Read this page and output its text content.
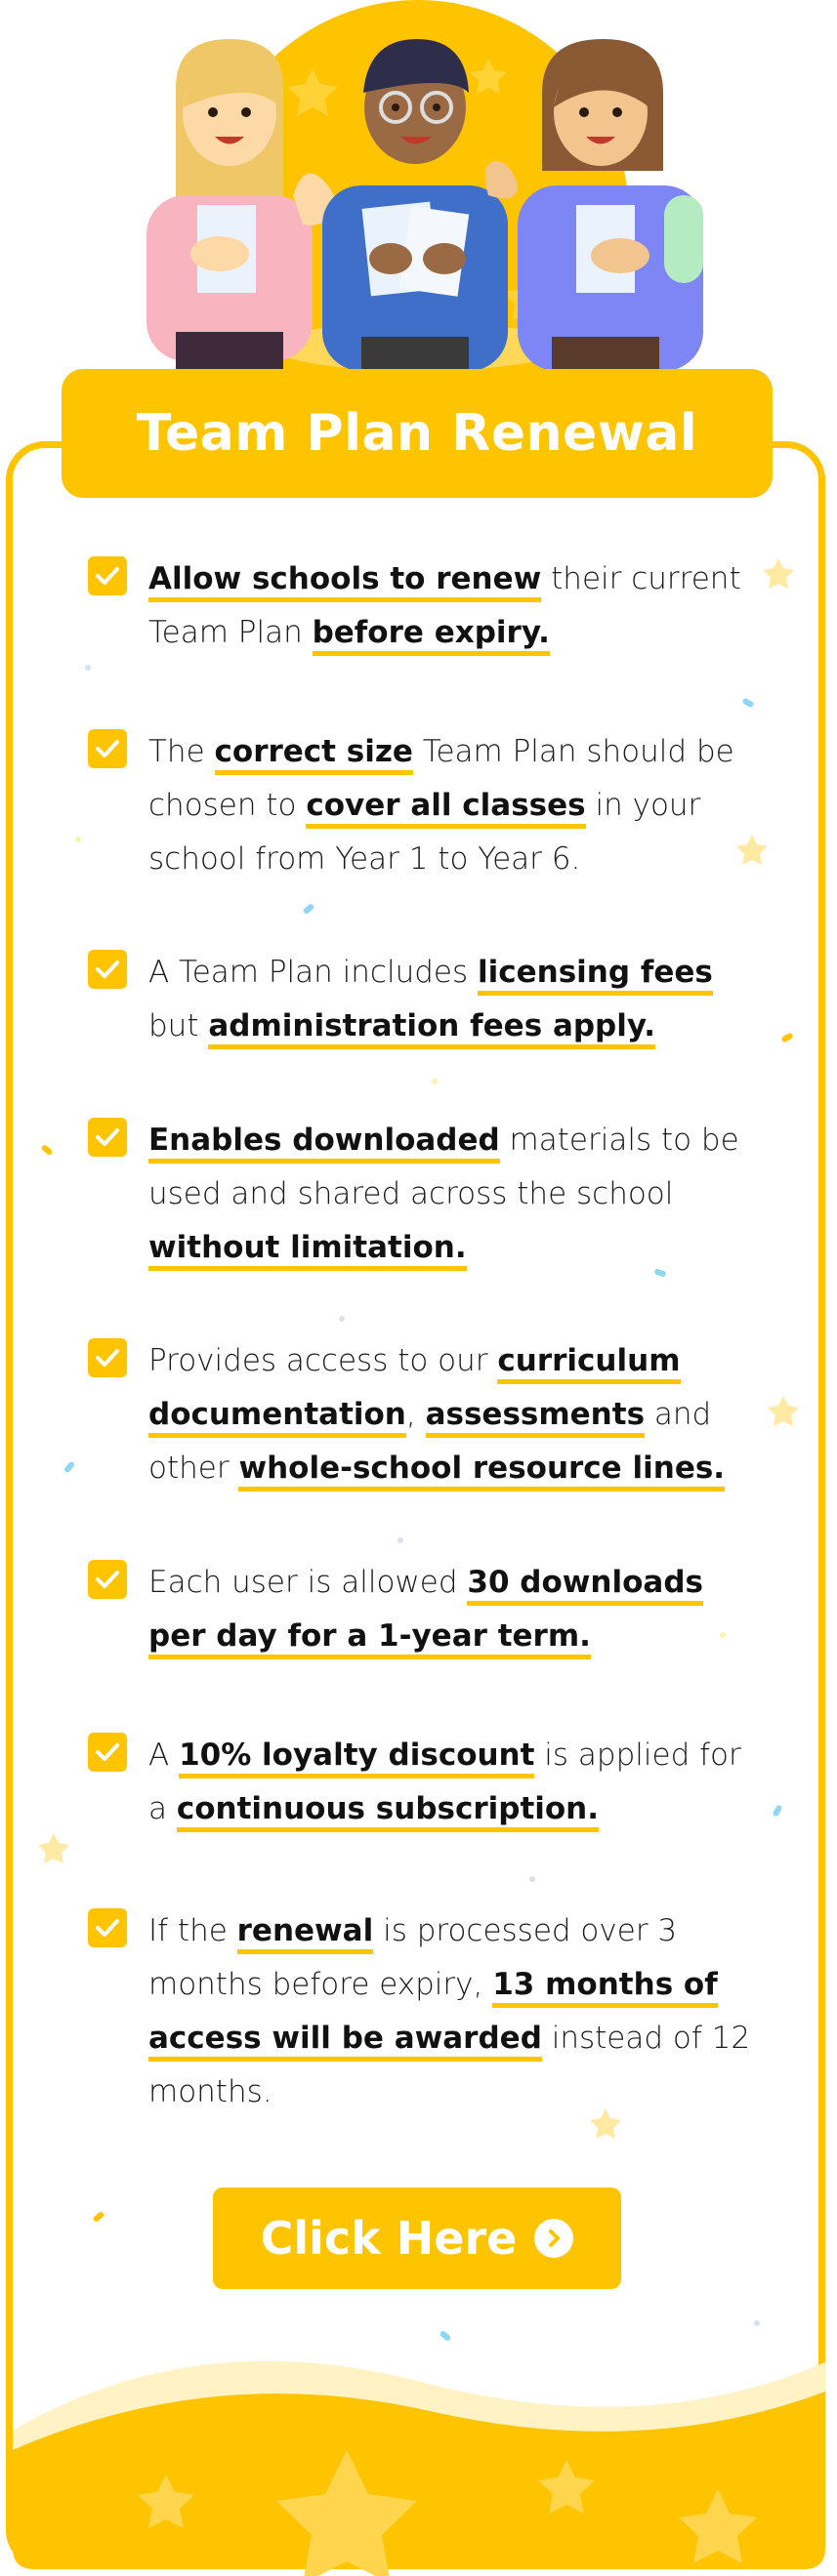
Team Plan Renewal
Allow schools to renew their current Team Plan before expiry.
The correct size Team Plan should be chosen to cover all classes in your school from Year 1 to Year 6.
A Team Plan includes licensing fees but administration fees apply.
Enables downloaded materials to be used and shared across the school without limitation.
Provides access to our curriculum documentation, assessments and other whole-school resource lines.
Each user is allowed 30 downloads per day for a 1-year term.
A 10% loyalty discount is applied for a continuous subscription.
If the renewal is processed over 3 months before expiry, 13 months of access will be awarded instead of 12 months.
Click Here
